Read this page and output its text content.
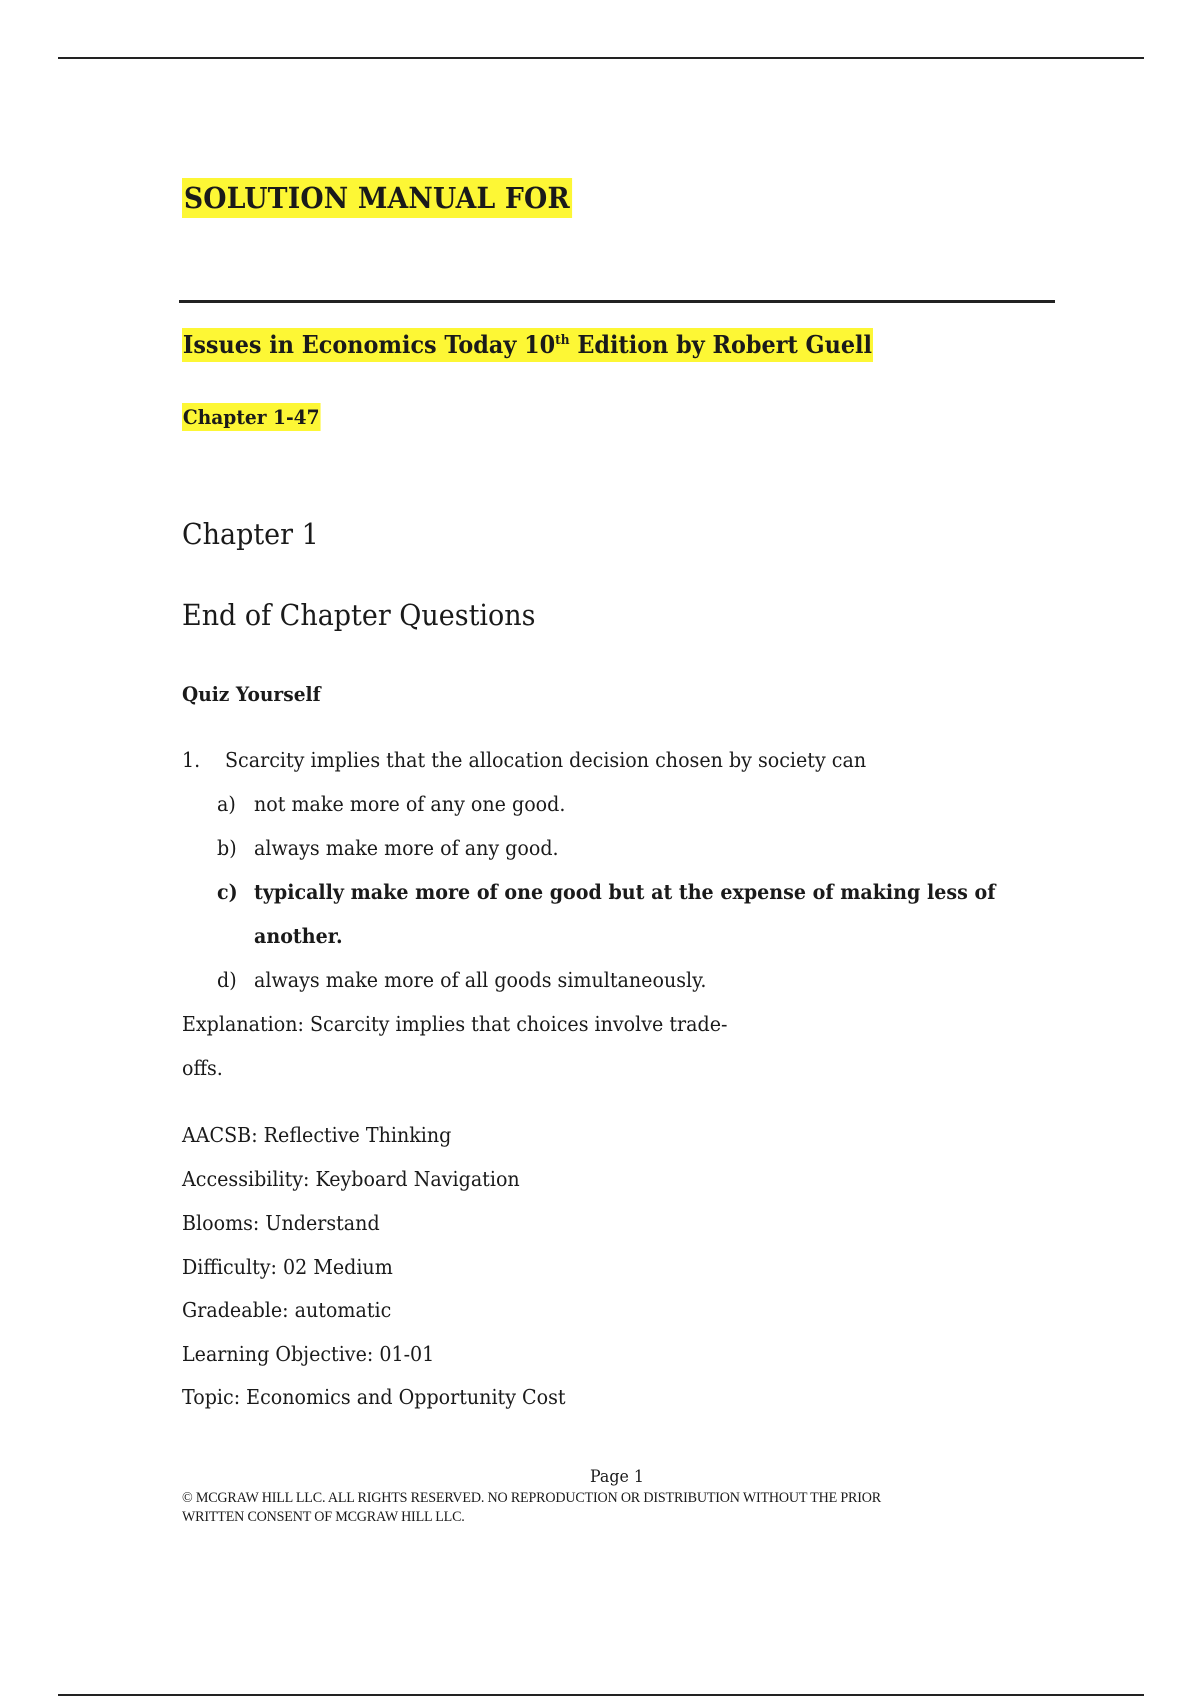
SOLUTION MANUAL FOR
Issues in Economics Today 10th Edition by Robert Guell
Chapter 1-47
Chapter 1
End of Chapter Questions
Quiz Yourself
1. Scarcity implies that the allocation decision chosen by society can
a) not make more of any one good.
b) always make more of any good.
c) typically make more of one good but at the expense of making less of
another.
d) always make more of all goods simultaneously.
Explanation: Scarcity implies that choices involve trade-
offs.
AACSB: Reflective Thinking
Accessibility: Keyboard Navigation
Blooms: Understand
Difficulty: 02 Medium
Gradeable: automatic
Learning Objective: 01-01
Topic: Economics and Opportunity Cost
Page 1
© MCGRAW HILL LLC. ALL RIGHTS RESERVED. NO REPRODUCTION OR DISTRIBUTION WITHOUT THE PRIOR
WRITTEN CONSENT OF MCGRAW HILL LLC.
